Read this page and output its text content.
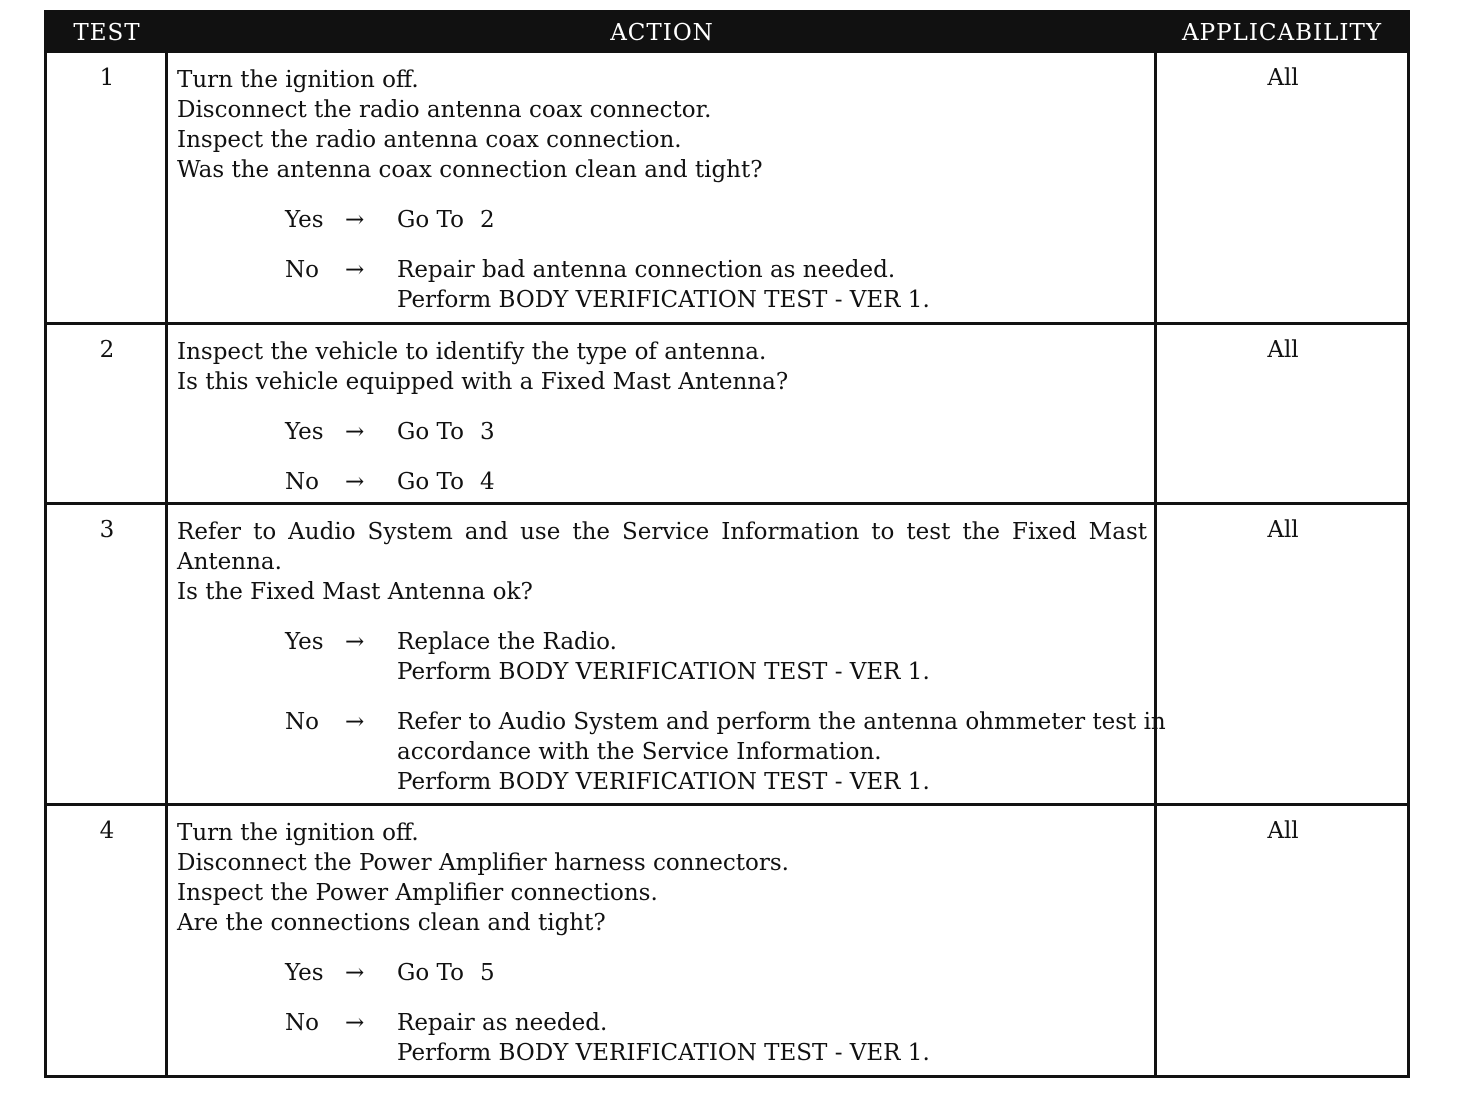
TEST	ACTION	APPLICABILITY
1	Turn the ignition off.

Disconnect the radio antenna coax connector.

Inspect the radio antenna coax connection.

Was the antenna coax connection clean and tight?

Yes → Go To 2
No → Repair bad antenna connection as needed.
Perform BODY VERIFICATION TEST - VER 1.
All
2	Inspect the vehicle to identify the type of antenna.

Is this vehicle equipped with a Fixed Mast Antenna?

Yes → Go To 3
No → Go To 4
All
3	Refer to Audio System and use the Service Information to test the Fixed Mast Antenna.

Is the Fixed Mast Antenna ok?

Yes → Replace the Radio.
Perform BODY VERIFICATION TEST - VER 1.
No → Refer to Audio System and perform the antenna ohmmeter test in
accordance with the Service Information.
Perform BODY VERIFICATION TEST - VER 1.
All
4	Turn the ignition off.

Disconnect the Power Amplifier harness connectors.

Inspect the Power Amplifier connections.

Are the connections clean and tight?

Yes → Go To 5
No → Repair as needed.
Perform BODY VERIFICATION TEST - VER 1.
All
